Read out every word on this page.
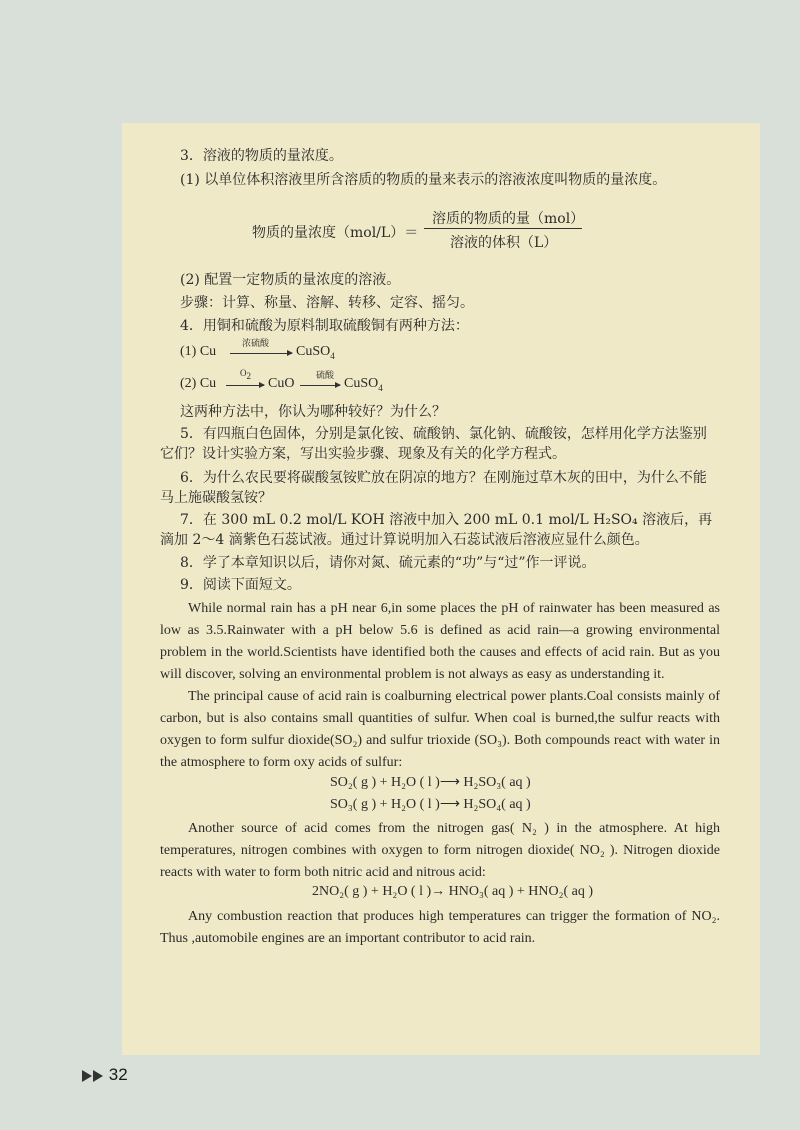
3．溶液的物质的量浓度。
(1) 以单位体积溶液里所含溶质的物质的量来表示的溶液浓度叫物质的量浓度。
物质的量浓度（mol/L）＝
溶质的物质的量（mol）
溶液的体积（L）
(2) 配置一定物质的量浓度的溶液。
步骤：计算、称量、溶解、转移、定容、摇匀。
4．用铜和硫酸为原料制取硫酸铜有两种方法：
(1) Cu	浓硫酸 CuSO$_4$
(2) Cu
$O_2$
CuO 硫酸 CuSO$_4$
这两种方法中，你认为哪种较好？为什么？
5．有四瓶白色固体，分别是氯化铵、硫酸钠、氯化钠、硫酸铵，怎样用化学方法鉴别它们？设计实验方案，写出实验步骤、现象及有关的化学方程式。
6．为什么农民要将碳酸氢铵贮放在阴凉的地方？在刚施过草木灰的田中，为什么不能马上施碳酸氢铵？
7．在 300 mL 0.2 mol/L KOH 溶液中加入 200 mL 0.1 mol/L H₂SO₄ 溶液后，再滴加 2～4 滴紫色石蕊试液。通过计算说明加入石蕊试液后溶液应显什么颜色。
8．学了本章知识以后，请你对氮、硫元素的“功”与“过”作一评说。
9．阅读下面短文。
While normal rain has a pH near 6,in some places the pH of rainwater has been measured as low as 3.5.Rainwater with a pH below 5.6 is defined as acid rain—a growing environmental problem in the world.Scientists have identified both the causes and effects of acid rain. But as you will discover, solving an environmental problem is not always as easy as understanding it.
The principal cause of acid rain is coalburning electrical power plants.Coal consists mainly of carbon, but is also contains small quantities of sulfur. When coal is burned,the sulfur reacts with oxygen to form sulfur dioxide(SO₂) and sulfur trioxide (SO₃). Both compounds react with water in the atmosphere to form oxy acids of sulfur:
SO₂( g ) + H₂O ( l )⟶ H₂SO₃( aq )
SO₃( g ) + H₂O ( l )⟶ H₂SO₄( aq )
Another source of acid comes from the nitrogen gas( N₂ ) in the atmosphere. At high temperatures, nitrogen combines with oxygen to form nitrogen dioxide( NO₂ ). Nitrogen dioxide reacts with water to form both nitric acid and nitrous acid:
2NO₂( g ) + H₂O ( l )→ HNO₃( aq ) + HNO₂( aq )
Any combustion reaction that produces high temperatures can trigger the formation of NO₂. Thus ,automobile engines are an important contributor to acid rain.
32
